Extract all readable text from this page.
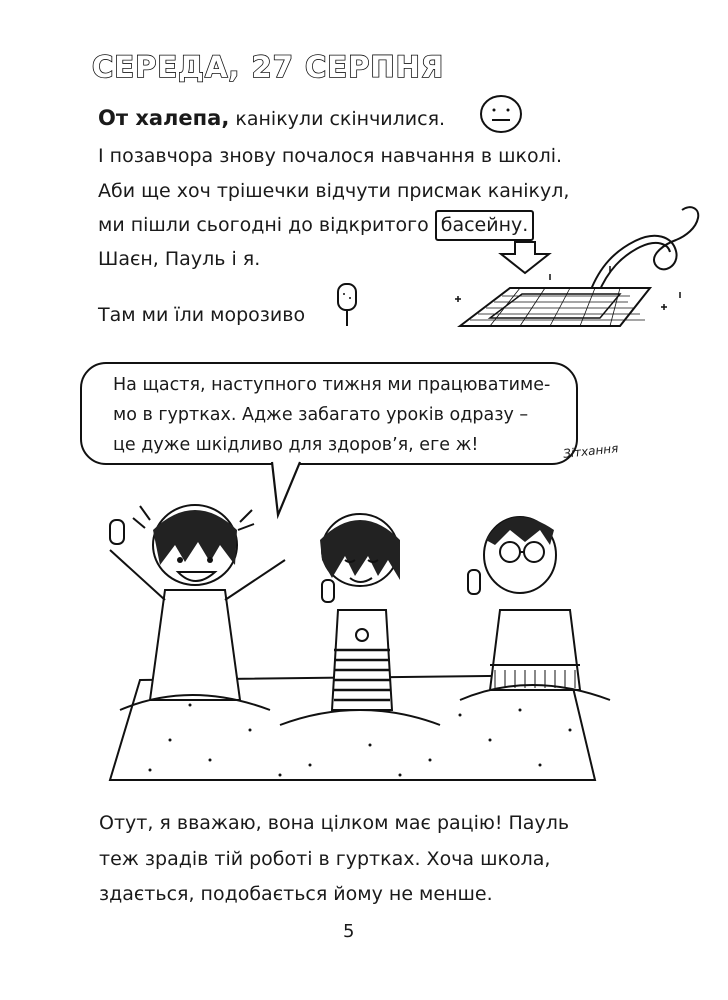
СЕРЕДА, 27 СЕРПНЯ
От халепа, канікули скінчилися.
І позавчора знову почалося навчання в школі.
Аби ще хоч трішечки відчути присмак канікул,
ми пішли сьогодні до відкритого басейну.
Шаєн, Пауль і я.
Там ми їли морозиво
На щастя, наступного тижня ми працюватиме-
мо в гуртках. Адже забагато уроків одразу –
це дуже шкідливо для здоров’я, еге ж!	Зітхання
Отут, я вважаю, вона цілком має рацію! Пауль
теж зрадів тій роботі в гуртках. Хоча школа,
здається, подобається йому не менше.
5
